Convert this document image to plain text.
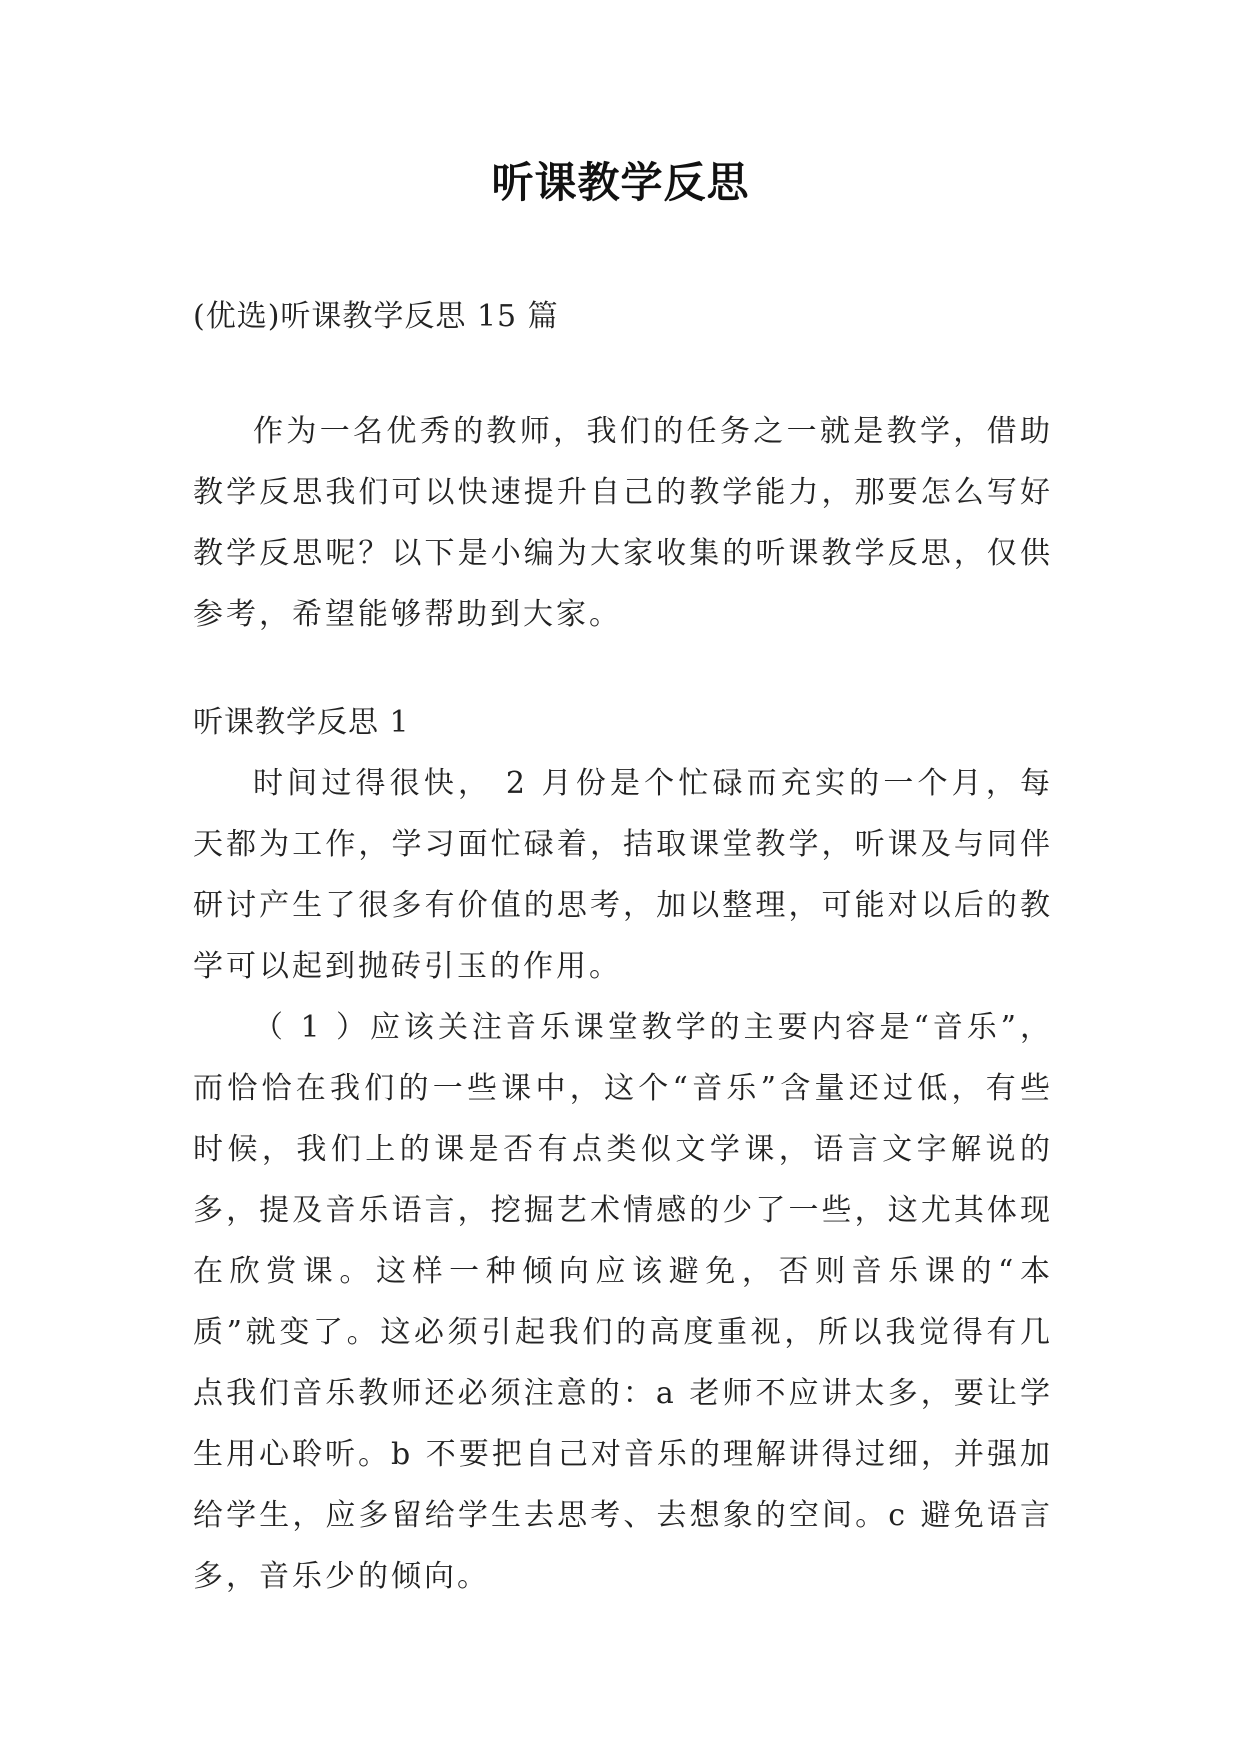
听课教学反思
(优选)听课教学反思 15 篇

作为一名优秀的教师，我们的任务之一就是教学，借助教学反思我们可以快速提升自己的教学能力，那要怎么写好教学反思呢？以下是小编为大家收集的听课教学反思，仅供参考，希望能够帮助到大家。

听课教学反思 1

时间过得很快， 2 月份是个忙碌而充实的一个月，每天都为工作，学习面忙碌着，拮取课堂教学，听课及与同伴研讨产生了很多有价值的思考，加以整理，可能对以后的教学可以起到抛砖引玉的作用。

（ 1 ）应该关注音乐课堂教学的主要内容是“音乐”，而恰恰在我们的一些课中，这个“音乐”含量还过低，有些时候，我们上的课是否有点类似文学课，语言文字解说的多，提及音乐语言，挖掘艺术情感的少了一些，这尤其体现在欣赏课。这样一种倾向应该避免，否则音乐课的“本质”就变了。这必须引起我们的高度重视，所以我觉得有几点我们音乐教师还必须注意的：a 老师不应讲太多，要让学生用心聆听。b 不要把自己对音乐的理解讲得过细，并强加给学生，应多留给学生去思考、去想象的空间。c 避免语言多，音乐少的倾向。
